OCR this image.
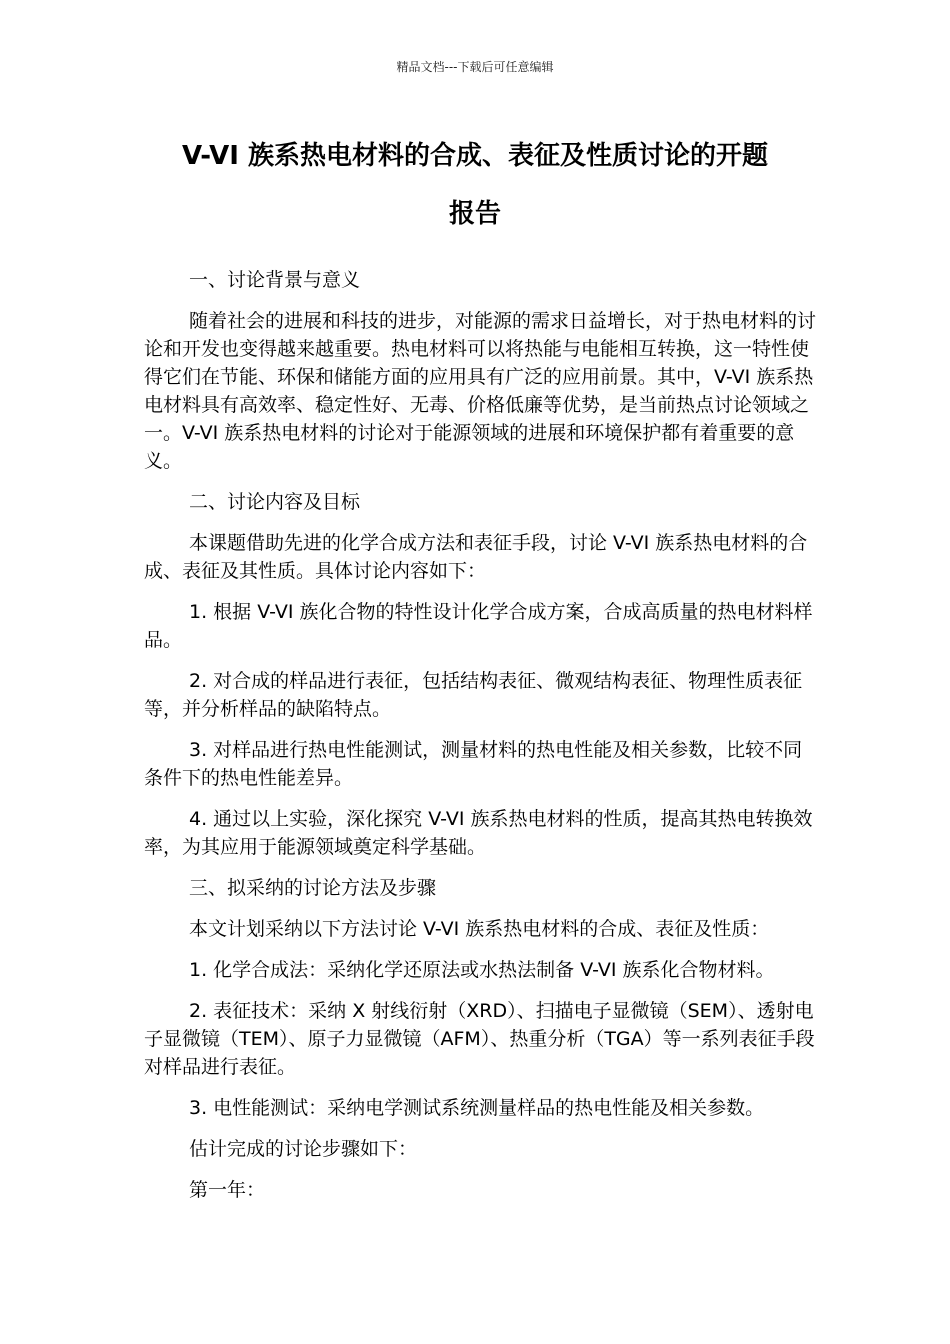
精品文档---下载后可任意编辑
V-VI 族系热电材料的合成、表征及性质讨论的开题
报告

一、讨论背景与意义

随着社会的进展和科技的进步，对能源的需求日益增长，对于热电材料的讨论和开发也变得越来越重要。热电材料可以将热能与电能相互转换，这一特性使得它们在节能、环保和储能方面的应用具有广泛的应用前景。其中，V-VI 族系热电材料具有高效率、稳定性好、无毒、价格低廉等优势，是当前热点讨论领域之一。V-VI 族系热电材料的讨论对于能源领域的进展和环境保护都有着重要的意义。

二、讨论内容及目标

本课题借助先进的化学合成方法和表征手段，讨论 V-VI 族系热电材料的合成、表征及其性质。具体讨论内容如下：

1. 根据 V-VI 族化合物的特性设计化学合成方案，合成高质量的热电材料样品。

2. 对合成的样品进行表征，包括结构表征、微观结构表征、物理性质表征等，并分析样品的缺陷特点。

3. 对样品进行热电性能测试，测量材料的热电性能及相关参数，比较不同条件下的热电性能差异。

4. 通过以上实验，深化探究 V-VI 族系热电材料的性质，提高其热电转换效率，为其应用于能源领域奠定科学基础。

三、拟采纳的讨论方法及步骤

本文计划采纳以下方法讨论 V-VI 族系热电材料的合成、表征及性质：

1. 化学合成法：采纳化学还原法或水热法制备 V-VI 族系化合物材料。

2. 表征技术：采纳 X 射线衍射（XRD）、扫描电子显微镜（SEM）、透射电子显微镜（TEM）、原子力显微镜（AFM）、热重分析（TGA）等一系列表征手段对样品进行表征。

3. 电性能测试：采纳电学测试系统测量样品的热电性能及相关参数。

估计完成的讨论步骤如下：

第一年：
